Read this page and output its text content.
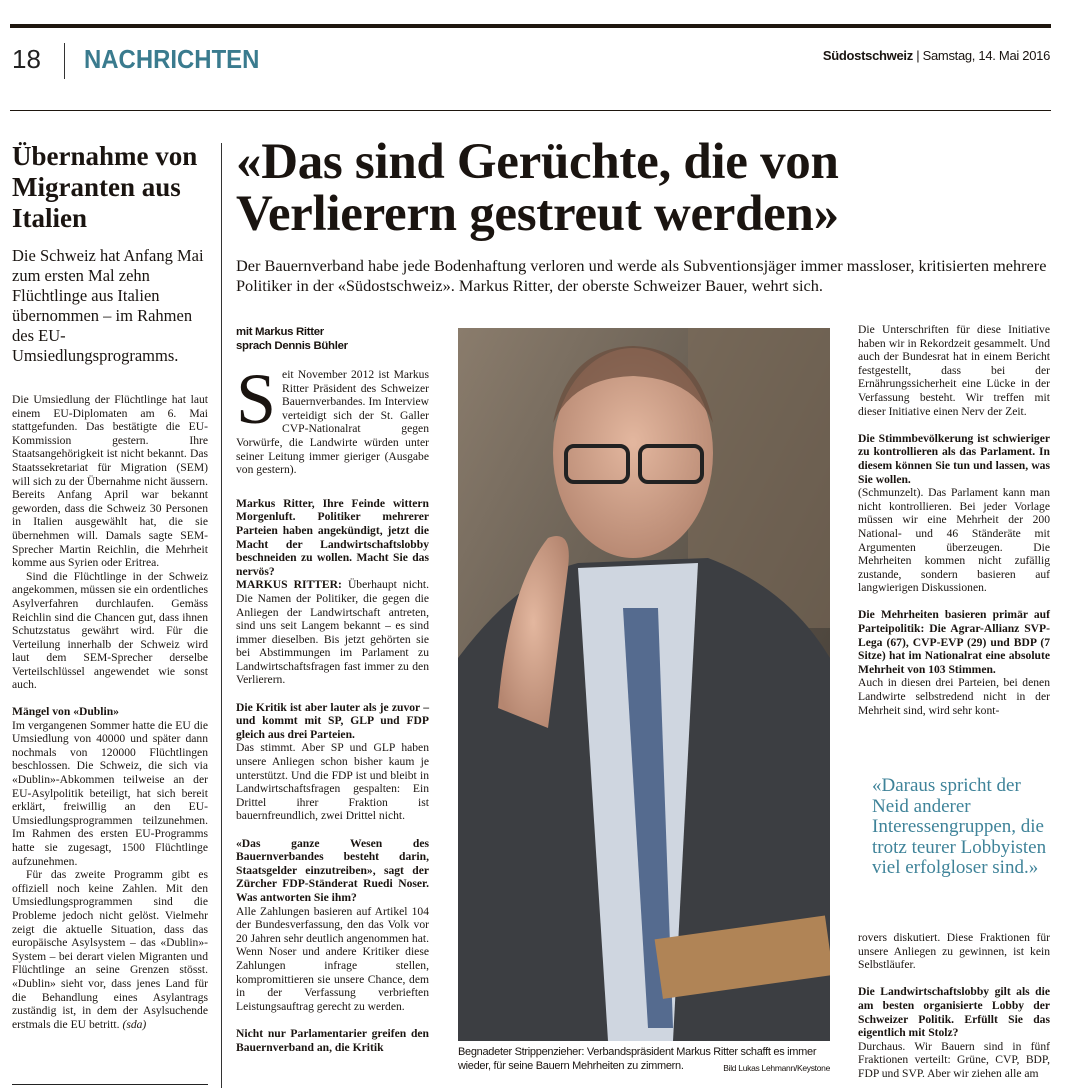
18 NACHRICHTEN	Südostschweiz | Samstag, 14. Mai 2016
Übernahme von Migranten aus Italien
Die Schweiz hat Anfang Mai zum ersten Mal zehn Flüchtlinge aus Italien übernommen – im Rahmen des EU-Umsiedlungsprogramms.

Die Umsiedlung der Flüchtlinge hat laut einem EU-Diplomaten am 6. Mai stattgefunden. Das bestätigte die EU-Kommission gestern. Ihre Staatsangehörigkeit ist nicht bekannt. Das Staatssekretariat für Migration (SEM) will sich zu der Übernahme nicht äussern. Bereits Anfang April war bekannt geworden, dass die Schweiz 30 Personen in Italien ausgewählt hat, die sie übernehmen will. Damals sagte SEM-Sprecher Martin Reichlin, die Mehrheit komme aus Syrien oder Eritrea.

Sind die Flüchtlinge in der Schweiz angekommen, müssen sie ein ordentliches Asylverfahren durchlaufen. Gemäss Reichlin sind die Chancen gut, dass ihnen Schutzstatus gewährt wird. Für die Verteilung innerhalb der Schweiz wird laut dem SEM-Sprecher derselbe Verteilschlüssel angewendet wie sonst auch.

Mängel von «Dublin»

Im vergangenen Sommer hatte die EU die Umsiedlung von 40000 und später dann nochmals von 120000 Flüchtlingen beschlossen. Die Schweiz, die sich via «Dublin»-Abkommen teilweise an der EU-Asylpolitik beteiligt, hat sich bereit erklärt, freiwillig an den EU-Umsiedlungsprogrammen teilzunehmen. Im Rahmen des ersten EU-Programms hatte sie zugesagt, 1500 Flüchtlinge aufzunehmen.

Für das zweite Programm gibt es offiziell noch keine Zahlen. Mit den Umsiedlungsprogrammen sind die Probleme jedoch nicht gelöst. Vielmehr zeigt die aktuelle Situation, dass das europäische Asylsystem – das «Dublin»-System – bei derart vielen Migranten und Flüchtlinge an seine Grenzen stösst. «Dublin» sieht vor, dass jenes Land für die Behandlung eines Asylantrags zuständig ist, in dem der Asylsuchende erstmals die EU betritt. (sda)

«Das sind Gerüchte, die von Verlierern gestreut werden»
Der Bauernverband habe jede Bodenhaftung verloren und werde als Subventionsjäger immer massloser, kritisierten mehrere Politiker in der «Südostschweiz». Markus Ritter, der oberste Schweizer Bauer, wehrt sich.
mit Markus Ritter
sprach Dennis Bühler

Seit November 2012 ist Markus Ritter Präsident des Schweizer Bauernverbandes. Im Interview verteidigt sich der St. Galler CVP-Nationalrat gegen Vorwürfe, die Landwirte würden unter seiner Leitung immer gieriger (Ausgabe von gestern).

Markus Ritter, Ihre Feinde wittern Morgenluft. Politiker mehrerer Parteien haben angekündigt, jetzt die Macht der Landwirtschaftslobby beschneiden zu wollen. Macht Sie das nervös?

MARKUS RITTER: Überhaupt nicht. Die Namen der Politiker, die gegen die Anliegen der Landwirtschaft antreten, sind uns seit Langem bekannt – es sind immer dieselben. Bis jetzt gehörten sie bei Abstimmungen im Parlament zu Landwirtschaftsfragen fast immer zu den Verlierern.

Die Kritik ist aber lauter als je zuvor – und kommt mit SP, GLP und FDP gleich aus drei Parteien.

Das stimmt. Aber SP und GLP haben unsere Anliegen schon bisher kaum je unterstützt. Und die FDP ist und bleibt in Landwirtschaftsfragen gespalten: Ein Drittel ihrer Fraktion ist bauernfreundlich, zwei Drittel nicht.

«Das ganze Wesen des Bauernverbandes besteht darin, Staatsgelder einzutreiben», sagt der Zürcher FDP-Ständerat Ruedi Noser. Was antworten Sie ihm?

Alle Zahlungen basieren auf Artikel 104 der Bundesverfassung, den das Volk vor 20 Jahren sehr deutlich angenommen hat. Wenn Noser und andere Kritiker diese Zahlungen infrage stellen, kompromittieren sie unsere Chance, dem in der Verfassung verbrieften Leistungsauftrag gerecht zu werden.

Nicht nur Parlamentarier greifen den Bauernverband an, die Kritik	Begnadeter Strippenzieher: Verbandspräsident Markus Ritter schafft es immer wieder, für seine Bauern Mehrheiten zu zimmern.	Bild Lukas Lehmann/Keystone

Die Unterschriften für diese Initiative haben wir in Rekordzeit gesammelt. Und auch der Bundesrat hat in einem Bericht festgestellt, dass bei der Ernährungssicherheit eine Lücke in der Verfassung besteht. Wir treffen mit dieser Initiative einen Nerv der Zeit.

Die Stimmbevölkerung ist schwieriger zu kontrollieren als das Parlament. In diesem können Sie tun und lassen, was Sie wollen.

(Schmunzelt). Das Parlament kann man nicht kontrollieren. Bei jeder Vorlage müssen wir eine Mehrheit der 200 National- und 46 Ständeräte mit Argumenten überzeugen. Die Mehrheiten kommen nicht zufällig zustande, sondern basieren auf langwierigen Diskussionen.

Die Mehrheiten basieren primär auf Parteipolitik: Die Agrar-Allianz SVP-Lega (67), CVP-EVP (29) und BDP (7 Sitze) hat im Nationalrat eine absolute Mehrheit von 103 Stimmen.

Auch in diesen drei Parteien, bei denen Landwirte selbstredend nicht in der Mehrheit sind, wird sehr kont-

«Daraus spricht der Neid anderer Interessengruppen, die trotz teurer Lobbyisten viel erfolgloser sind.»

rovers diskutiert. Diese Fraktionen für unsere Anliegen zu gewinnen, ist kein Selbstläufer.

Die Landwirtschaftslobby gilt als die am besten organisierte Lobby der Schweizer Politik. Erfüllt Sie das eigentlich mit Stolz?

Durchaus. Wir Bauern sind in fünf Fraktionen verteilt: Grüne, CVP, BDP, FDP und SVP. Aber wir ziehen alle am
